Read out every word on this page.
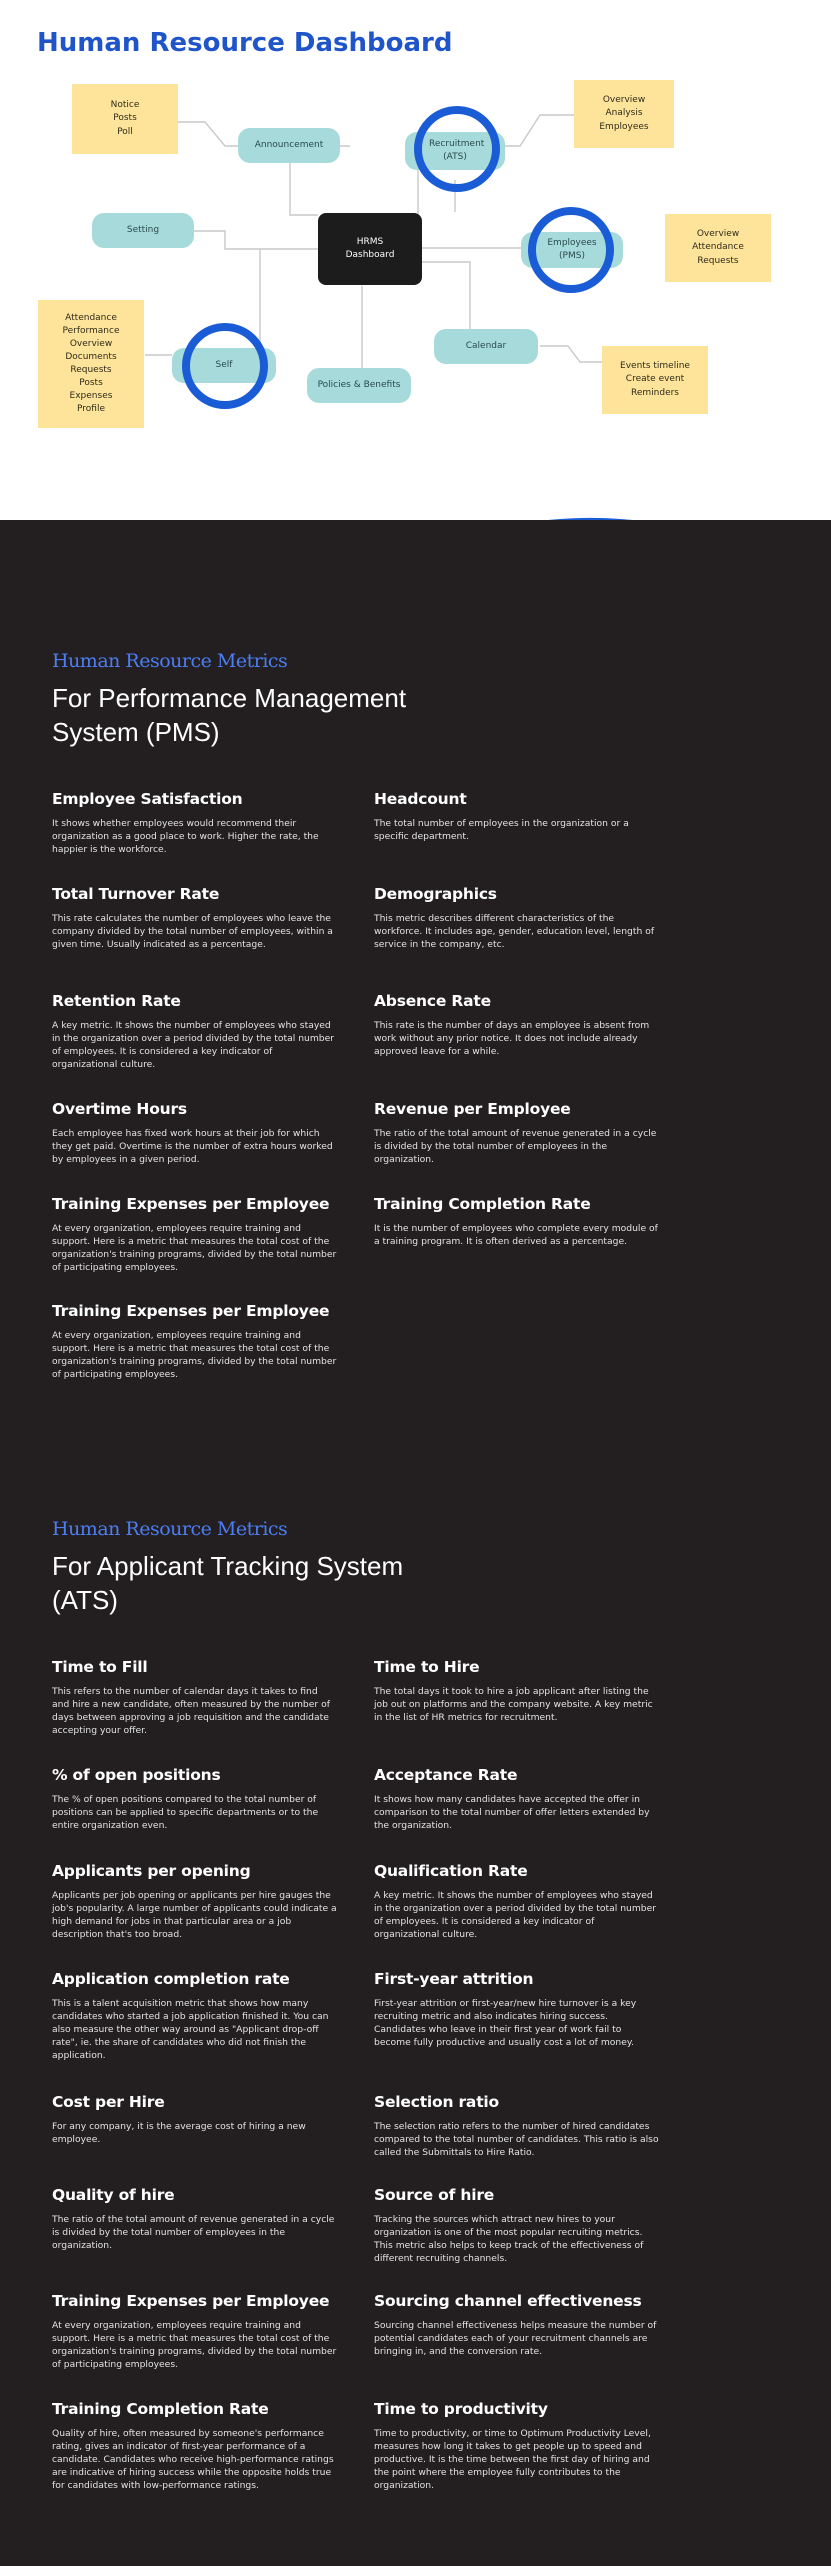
Human Resource Dashboard
Notice
Posts
Poll
Overview
Analysis
Employees
Overview
Attendance
Requests
Attendance
Performance
Overview
Documents
Requests
Posts
Expenses
Profile
Events timeline
Create event
Reminders
Announcement	Recruitment (ATS)
Setting
Employees (PMS)
Calendar
Self
Policies & Benefits
HRMS
Dashboard
Human Resource Metrics
For Performance Management
System (PMS)
Employee Satisfaction

It shows whether employees would recommend their organization as a good place to work. Higher the rate, the happier is the workforce.

Headcount

The total number of employees in the organization or a specific department.

Total Turnover Rate

This rate calculates the number of employees who leave the company divided by the total number of employees, within a given time. Usually indicated as a percentage.

Demographics

This metric describes different characteristics of the workforce. It includes age, gender, education level, length of service in the company, etc.

Retention Rate

A key metric. It shows the number of employees who stayed in the organization over a period divided by the total number of employees. It is considered a key indicator of organizational culture.

Absence Rate

This rate is the number of days an employee is absent from work without any prior notice. It does not include already approved leave for a while.

Overtime Hours

Each employee has fixed work hours at their job for which they get paid. Overtime is the number of extra hours worked by employees in a given period.

Revenue per Employee

The ratio of the total amount of revenue generated in a cycle is divided by the total number of employees in the organization.

Training Expenses per Employee

At every organization, employees require training and support. Here is a metric that measures the total cost of the organization's training programs, divided by the total number of participating employees.

Training Completion Rate

It is the number of employees who complete every module of a training program. It is often derived as a percentage.

Training Expenses per Employee

At every organization, employees require training and support. Here is a metric that measures the total cost of the organization's training programs, divided by the total number of participating employees.

Human Resource Metrics
For Applicant Tracking System
(ATS)
Time to Fill

This refers to the number of calendar days it takes to find and hire a new candidate, often measured by the number of days between approving a job requisition and the candidate accepting your offer.

Time to Hire

The total days it took to hire a job applicant after listing the job out on platforms and the company website. A key metric in the list of HR metrics for recruitment.

% of open positions

The % of open positions compared to the total number of positions can be applied to specific departments or to the entire organization even.

Acceptance Rate

It shows how many candidates have accepted the offer in comparison to the total number of offer letters extended by the organization.

Applicants per opening

Applicants per job opening or applicants per hire gauges the job's popularity. A large number of applicants could indicate a high demand for jobs in that particular area or a job description that's too broad.

Qualification Rate

A key metric. It shows the number of employees who stayed in the organization over a period divided by the total number of employees. It is considered a key indicator of organizational culture.

Application completion rate

This is a talent acquisition metric that shows how many candidates who started a job application finished it. You can also measure the other way around as "Applicant drop-off rate", ie. the share of candidates who did not finish the application.

First-year attrition

First-year attrition or first-year/new hire turnover is a key recruiting metric and also indicates hiring success. Candidates who leave in their first year of work fail to become fully productive and usually cost a lot of money.

Cost per Hire

For any company, it is the average cost of hiring a new employee.

Selection ratio

The selection ratio refers to the number of hired candidates compared to the total number of candidates. This ratio is also called the Submittals to Hire Ratio.

Quality of hire

The ratio of the total amount of revenue generated in a cycle is divided by the total number of employees in the organization.

Source of hire

Tracking the sources which attract new hires to your organization is one of the most popular recruiting metrics. This metric also helps to keep track of the effectiveness of different recruiting channels.

Training Expenses per Employee

At every organization, employees require training and support. Here is a metric that measures the total cost of the organization's training programs, divided by the total number of participating employees.

Sourcing channel effectiveness

Sourcing channel effectiveness helps measure the number of potential candidates each of your recruitment channels are bringing in, and the conversion rate.

Training Completion Rate

Quality of hire, often measured by someone's performance rating, gives an indicator of first-year performance of a candidate. Candidates who receive high-performance ratings are indicative of hiring success while the opposite holds true for candidates with low-performance ratings.

Time to productivity

Time to productivity, or time to Optimum Productivity Level, measures how long it takes to get people up to speed and productive. It is the time between the first day of hiring and the point where the employee fully contributes to the organization.
